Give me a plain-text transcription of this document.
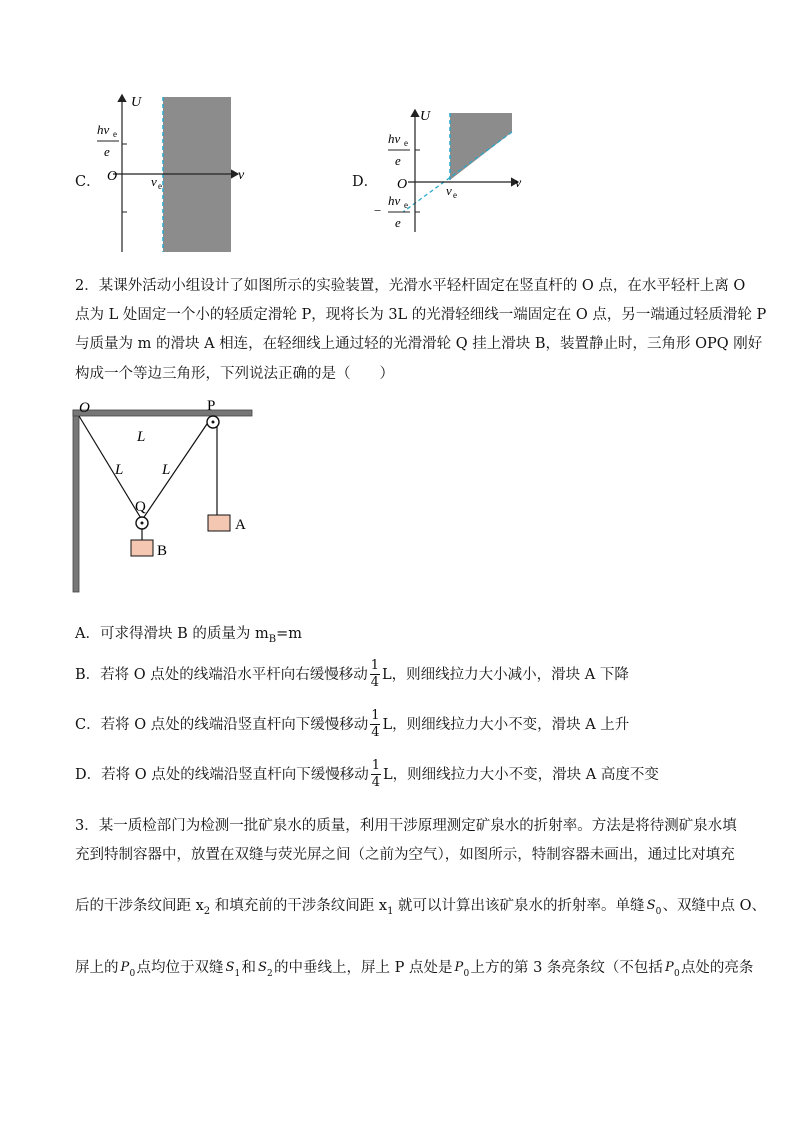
C．
U
v
O	v e
hv e
e
D．
U
v
O	v e
hv e
e
−
hv e
e
2．某课外活动小组设计了如图所示的实验装置，光滑水平轻杆固定在竖直杆的 O 点，在水平轻杆上离 O
点为 L 处固定一个小的轻质定滑轮 P，现将长为 3L 的光滑轻细线一端固定在 O 点，另一端通过轻质滑轮 P
与质量为 m 的滑块 A 相连，在轻细线上通过轻的光滑滑轮 Q 挂上滑块 B，装置静止时，三角形 OPQ 刚好
构成一个等边三角形，下列说法正确的是（　　）
O	P
Q
A
B
L
L	L
A．可求得滑块 B 的质量为 $m_B=m$
B．若将 O 点处的线端沿水平杆向右缓慢移动 $\frac{1}{4}$ L，则细线拉力大小减小，滑块 A 下降
C．若将 O 点处的线端沿竖直杆向下缓慢移动 $\frac{1}{4}$ L，则细线拉力大小不变，滑块 A 上升
D．若将 O 点处的线端沿竖直杆向下缓慢移动 $\frac{1}{4}$ L，则细线拉力大小不变，滑块 A 高度不变
3．某一质检部门为检测一批矿泉水的质量，利用干涉原理测定矿泉水的折射率。方法是将待测矿泉水填
充到特制容器中，放置在双缝与荧光屏之间（之前为空气），如图所示，特制容器未画出，通过比对填充
后的干涉条纹间距 $x_2$ 和填充前的干涉条纹间距 $x_1$ 就可以计算出该矿泉水的折射率。单缝 S 0 、双缝中点 O、
屏上的 P 0 点均位于双缝 S 1 和 S 2 的中垂线上，屏上 P 点处是 P 0 上方的第 3 条亮条纹（不包括 P 0 点处的亮条
